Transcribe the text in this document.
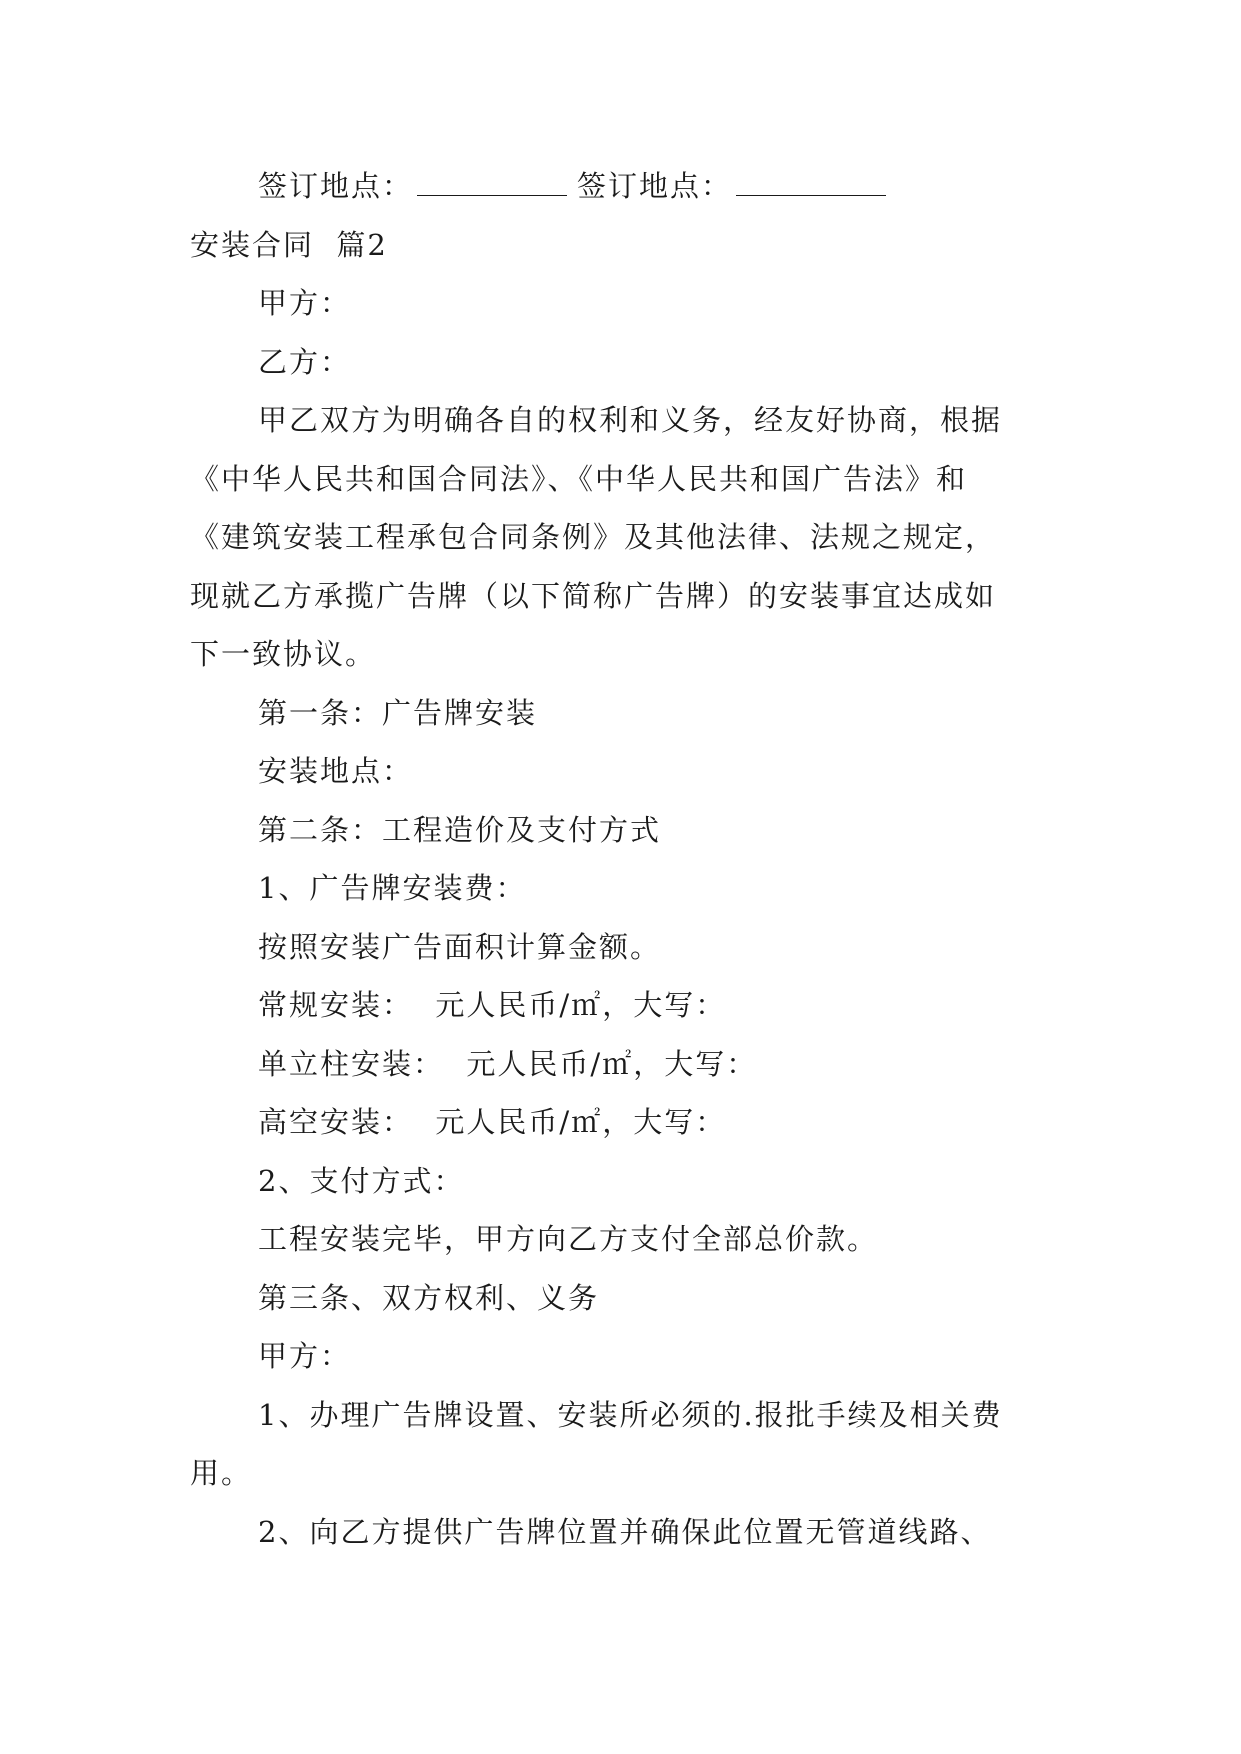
签订地点：	签订地点：
安装合同  篇2
甲方：
乙方：
甲乙双方为明确各自的权利和义务，经友好协商，根据
《中华人民共和国合同法》、《中华人民共和国广告法》和
《建筑安装工程承包合同条例》及其他法律、法规之规定，
现就乙方承揽广告牌（以下简称广告牌）的安装事宜达成如
下一致协议。
第一条：广告牌安装
安装地点：
第二条：工程造价及支付方式
1、广告牌安装费：
按照安装广告面积计算金额。
常规安装：  元人民币/㎡，大写：
单立柱安装：  元人民币/㎡，大写：
高空安装：  元人民币/㎡，大写：
2、支付方式：
工程安装完毕，甲方向乙方支付全部总价款。
第三条、双方权利、义务
甲方：
1、办理广告牌设置、安装所必须的.报批手续及相关费
用。
2、向乙方提供广告牌位置并确保此位置无管道线路、
